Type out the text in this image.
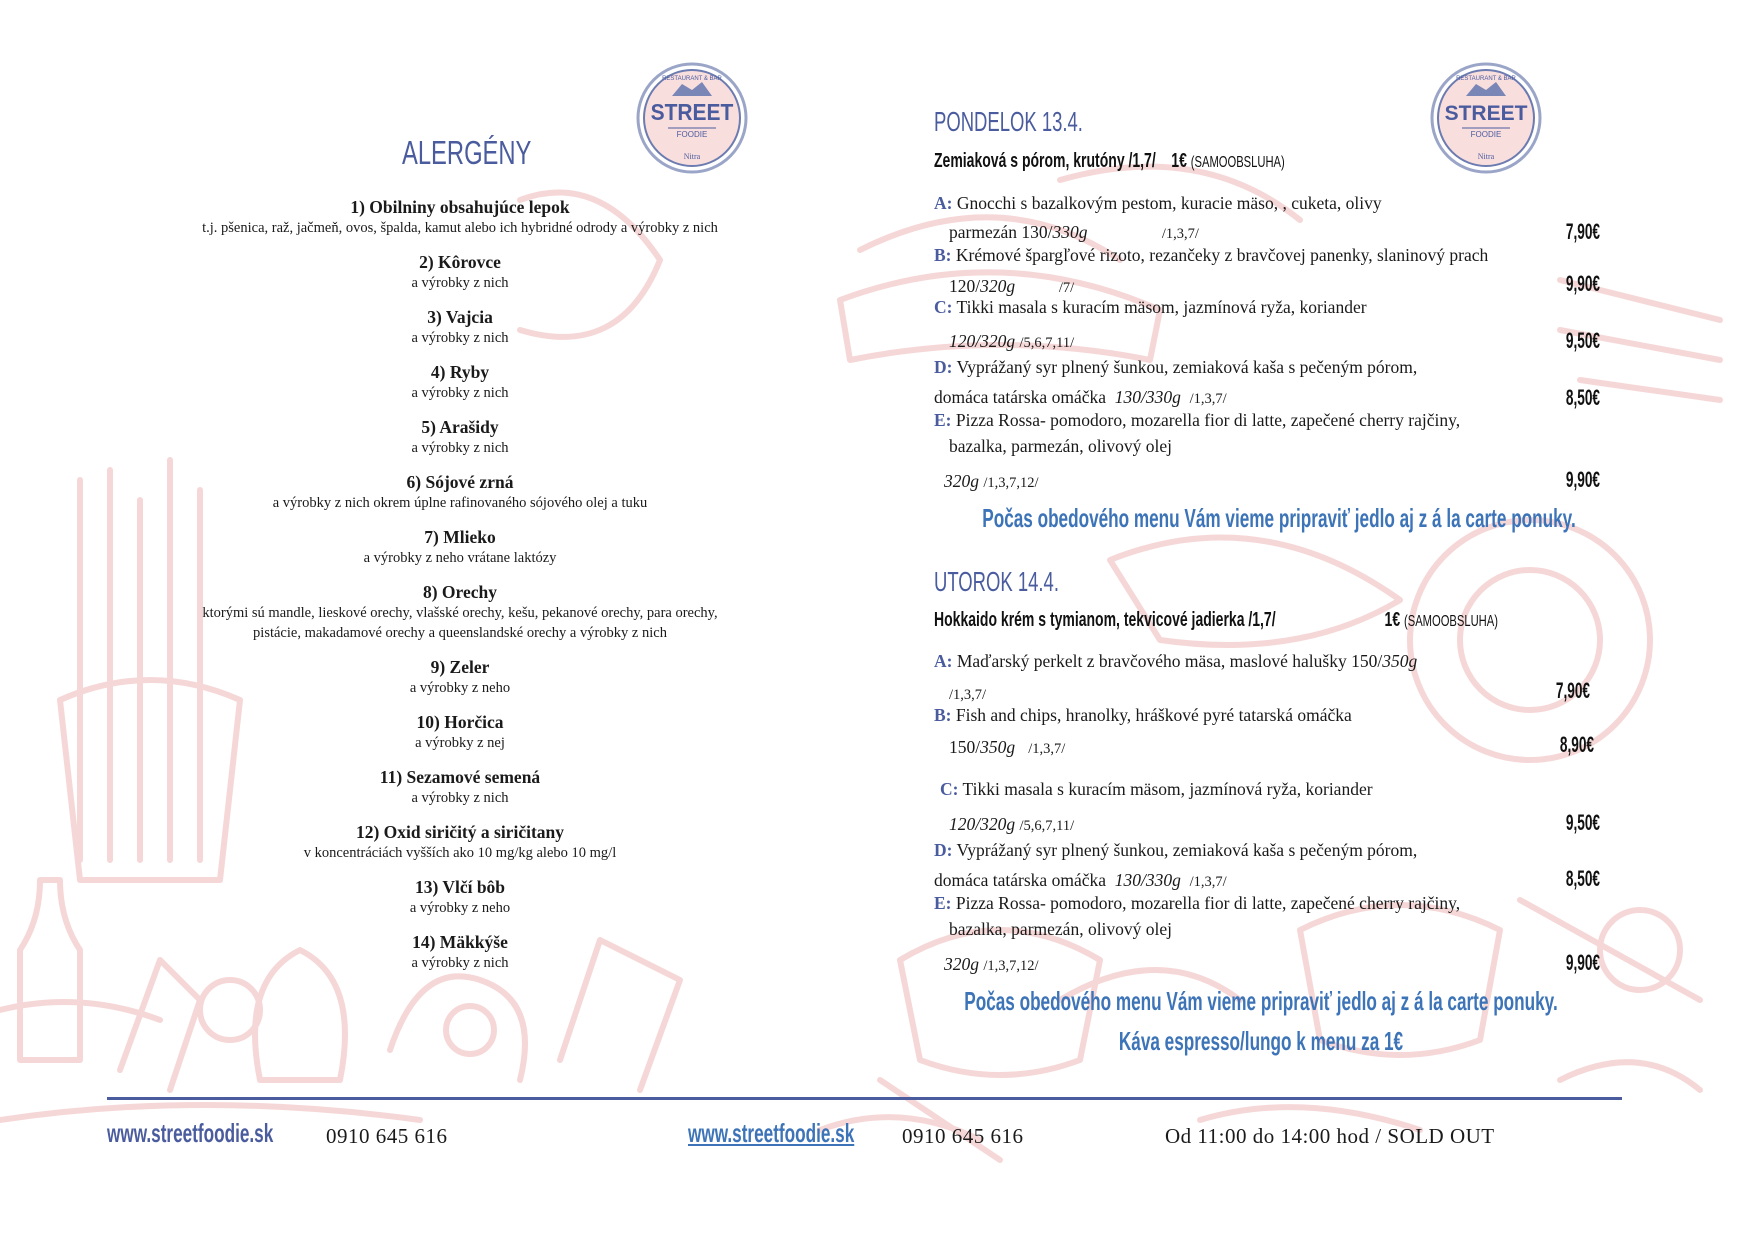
RESTAURANT & BAR
STREET
FOODIE
Nitra
RESTAURANT & BAR
STREET
FOODIE
Nitra
ALERGÉNY
1) Obilniny obsahujúce lepok
t.j. pšenica, raž, jačmeň, ovos, špalda, kamut alebo ich hybridné odrody a výrobky z nich
2) Kôrovce
a výrobky z nich
3) Vajcia
a výrobky z nich
4) Ryby
a výrobky z nich
5) Arašidy
a výrobky z nich
6) Sójové zrná
a výrobky z nich okrem úplne rafinovaného sójového olej a tuku
7) Mlieko
a výrobky z neho vrátane laktózy
8) Orechy
ktorými sú mandle, lieskové orechy, vlašské orechy, kešu, pekanové orechy, para orechy,
pistácie, makadamové orechy a queenslandské orechy a výrobky z nich
9) Zeler
a výrobky z neho
10) Horčica
a výrobky z nej
11) Sezamové semená
a výrobky z nich
12) Oxid siričitý a siričitany
v koncentráciách vyšších ako 10 mg/kg alebo 10 mg/l
13) Vlčí bôb
a výrobky z neho
14) Mäkkýše
a výrobky z nich
PONDELOK 13.4.
Zemiaková s pórom, krutóny /1,7/ 1€ (SAMOOBSLUHA)
A: Gnocchi s bazalkovým pestom, kuracie mäso, , cuketa, olivy
parmezán 130/330g	/1,3,7/	7,90€
B: Krémové špargľové rizoto, rezančeky z bravčovej panenky, slaninový prach
120/320g	/7/	9,90€
C: Tikki masala s kuracím mäsom, jazmínová ryža, koriander
120/320g /5,6,7,11/	9,50€
D: Vyprážaný syr plnený šunkou, zemiaková kaša s pečeným pórom,
domáca tatárska omáčka 130/330g /1,3,7/	8,50€
E: Pizza Rossa- pomodoro, mozarella fior di latte, zapečené cherry rajčiny,
bazalka, parmezán, olivový olej
320g /1,3,7,12/	9,90€
Počas obedového menu Vám vieme pripraviť jedlo aj z á la carte ponuky.
UTOROK 14.4.
Hokkaido krém s tymianom, tekvicové jadierka /1,7/	1€ (SAMOOBSLUHA)
A: Maďarský perkelt z bravčového mäsa, maslové halušky 150/350g
/1,3,7/	7,90€
B: Fish and chips, hranolky, hráškové pyré tatarská omáčka
150/350g /1,3,7/	8,90€
C: Tikki masala s kuracím mäsom, jazmínová ryža, koriander
120/320g /5,6,7,11/	9,50€
D: Vyprážaný syr plnený šunkou, zemiaková kaša s pečeným pórom,
domáca tatárska omáčka 130/330g /1,3,7/	8,50€
E: Pizza Rossa- pomodoro, mozarella fior di latte, zapečené cherry rajčiny,
bazalka, parmezán, olivový olej
320g /1,3,7,12/	9,90€
Počas obedového menu Vám vieme pripraviť jedlo aj z á la carte ponuky.
Káva espresso/lungo k menu za 1€
www.streetfoodie.sk	0910 645 616	www.streetfoodie.sk 0910 645 616	Od 11:00 do 14:00 hod / SOLD OUT
